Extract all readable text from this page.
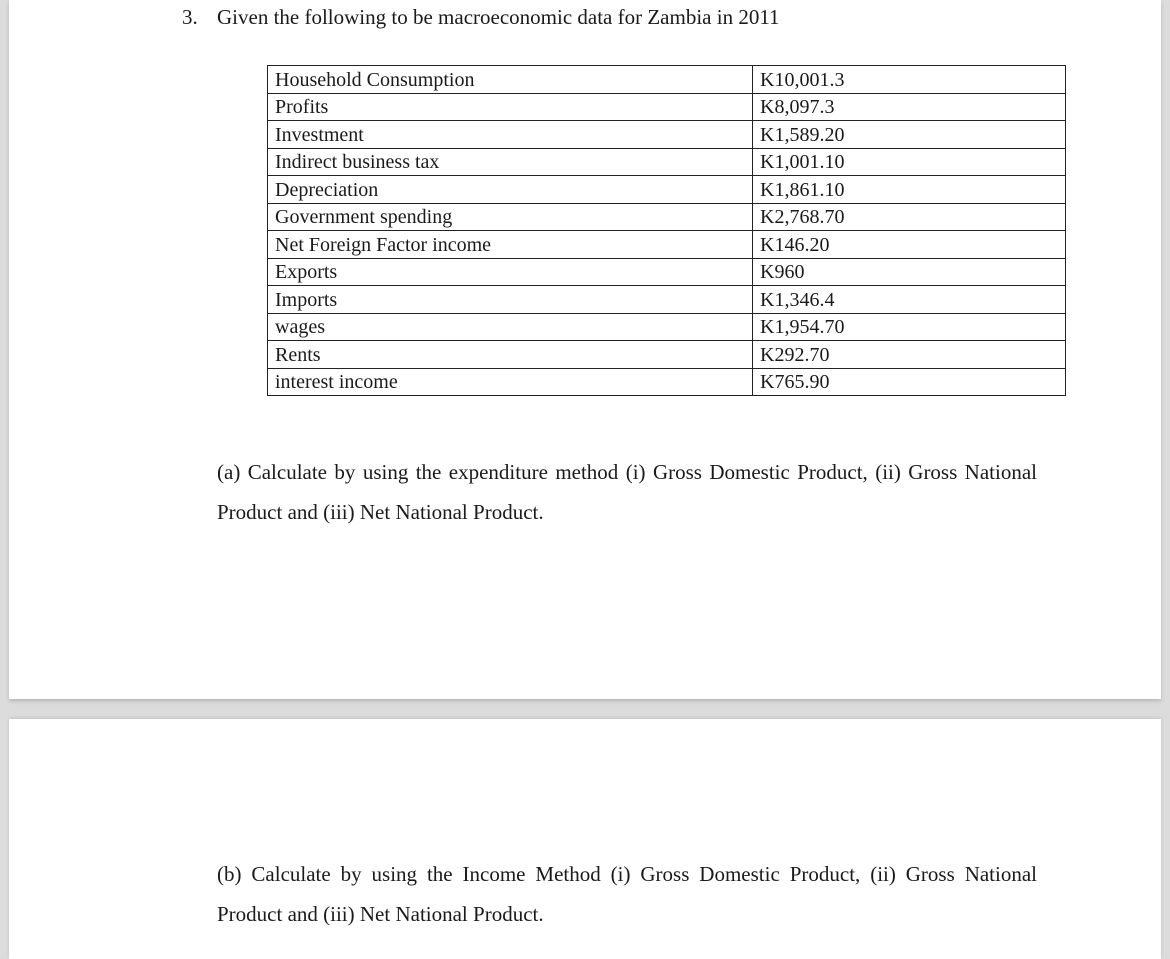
3. Given the following to be macroeconomic data for Zambia in 2011
Household Consumption	K10,001.3
Profits	K8,097.3
Investment	K1,589.20
Indirect business tax	K1,001.10
Depreciation	K1,861.10
Government spending	K2,768.70
Net Foreign Factor income	K146.20
Exports	K960
Imports	K1,346.4
wages	K1,954.70
Rents	K292.70
interest income	K765.90
(a) Calculate by using the expenditure method (i) Gross Domestic Product, (ii) Gross National Product and (iii) Net National Product.
(b) Calculate by using the Income Method (i) Gross Domestic Product, (ii) Gross National Product and (iii) Net National Product.
